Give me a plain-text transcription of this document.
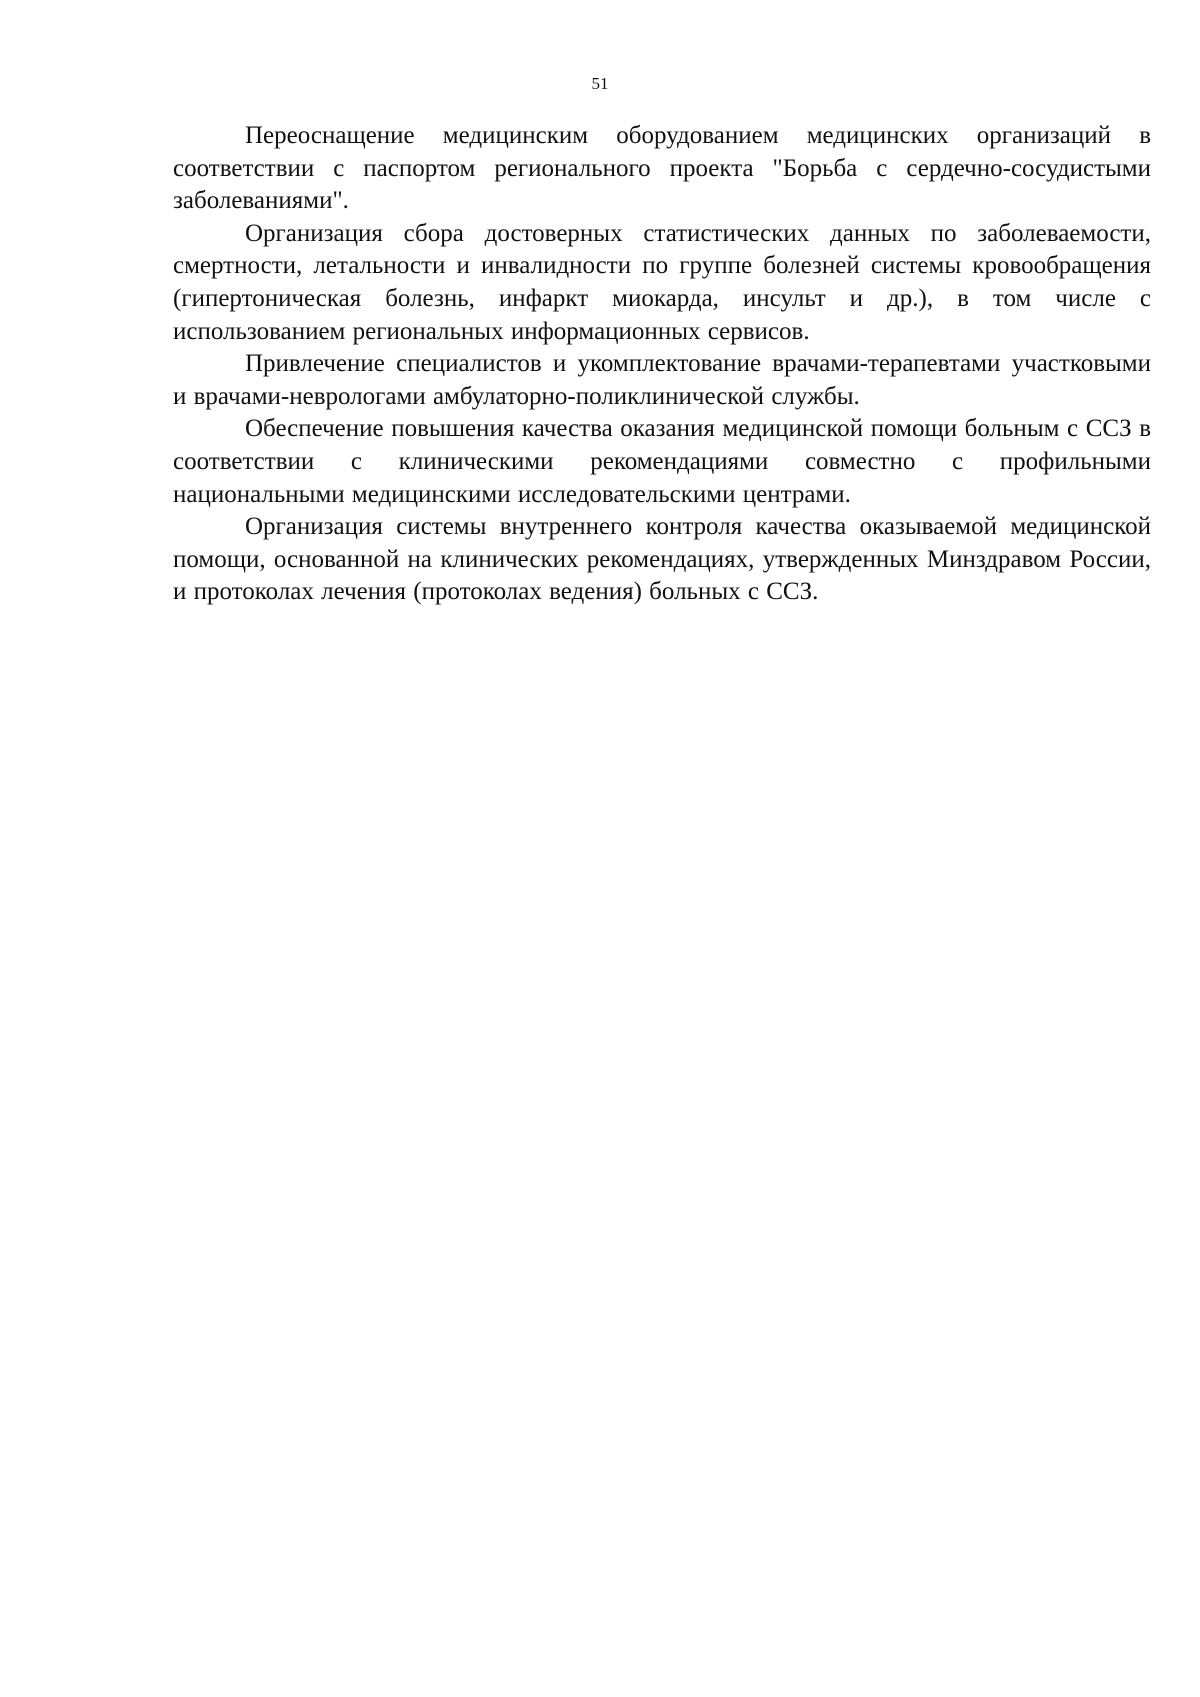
51

Переоснащение медицинским оборудованием медицинских организаций в соответствии с паспортом регионального проекта "Борьба с сердечно-сосудистыми заболеваниями".

Организация сбора достоверных статистических данных по заболеваемости, смертности, летальности и инвалидности по группе болезней системы кровообращения (гипертоническая болезнь, инфаркт миокарда, инсульт и др.), в том числе с использованием региональных информационных сервисов.

Привлечение специалистов и укомплектование врачами-терапевтами участковыми и врачами-неврологами амбулаторно-поликлинической службы.

Обеспечение повышения качества оказания медицинской помощи больным с ССЗ в соответствии с клиническими рекомендациями совместно с профильными национальными медицинскими исследовательскими центрами.

Организация системы внутреннего контроля качества оказываемой медицинской помощи, основанной на клинических рекомендациях, утвержденных Минздравом России, и протоколах лечения (протоколах ведения) больных с ССЗ.
